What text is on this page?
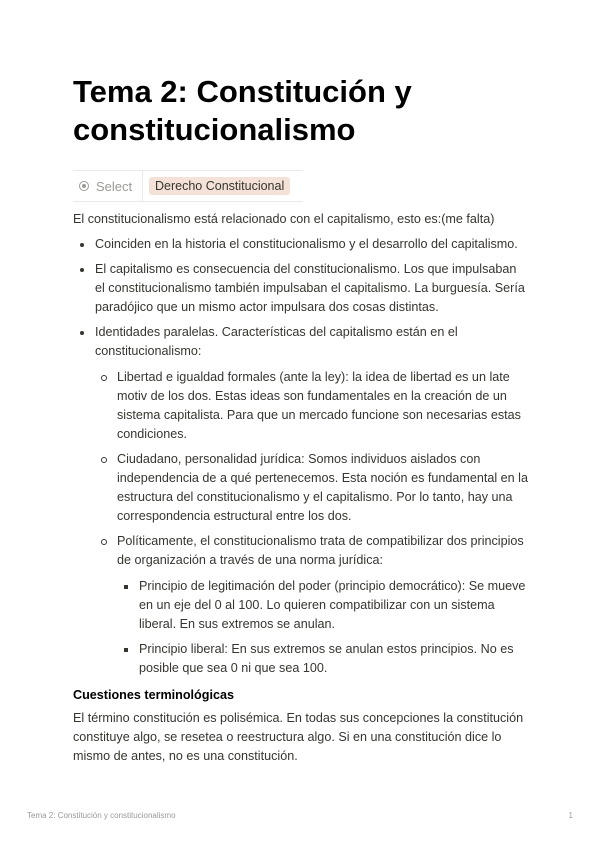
Tema 2: Constitución y constitucionalismo
Select	Derecho Constitucional

El constitucionalismo está relacionado con el capitalismo, esto es:(me falta)

Coinciden en la historia el constitucionalismo y el desarrollo del capitalismo.
El capitalismo es consecuencia del constitucionalismo. Los que impulsaban el constitucionalismo también impulsaban el capitalismo. La burguesía. Sería paradójico que un mismo actor impulsara dos cosas distintas.
Identidades paralelas. Características del capitalismo están en el constitucionalismo:
Libertad e igualdad formales (ante la ley): la idea de libertad es un late motiv de los dos. Estas ideas son fundamentales en la creación de un sistema capitalista. Para que un mercado funcione son necesarias estas condiciones.
Ciudadano, personalidad jurídica: Somos individuos aislados con independencia de a qué pertenecemos. Esta noción es fundamental en la estructura del constitucionalismo y el capitalismo. Por lo tanto, hay una correspondencia estructural entre los dos.
Políticamente, el constitucionalismo trata de compatibilizar dos principios de organización a través de una norma jurídica:
Principio de legitimación del poder (principio democrático): Se mueve en un eje del 0 al 100. Lo quieren compatibilizar con un sistema liberal. En sus extremos se anulan.
Principio liberal: En sus extremos se anulan estos principios. No es posible que sea 0 ni que sea 100.
Cuestiones terminológicas

El término constitución es polisémica. En todas sus concepciones la constitución constituye algo, se resetea o reestructura algo. Si en una constitución dice lo mismo de antes, no es una constitución.

Tema 2: Constitución y constitucionalismo	1
